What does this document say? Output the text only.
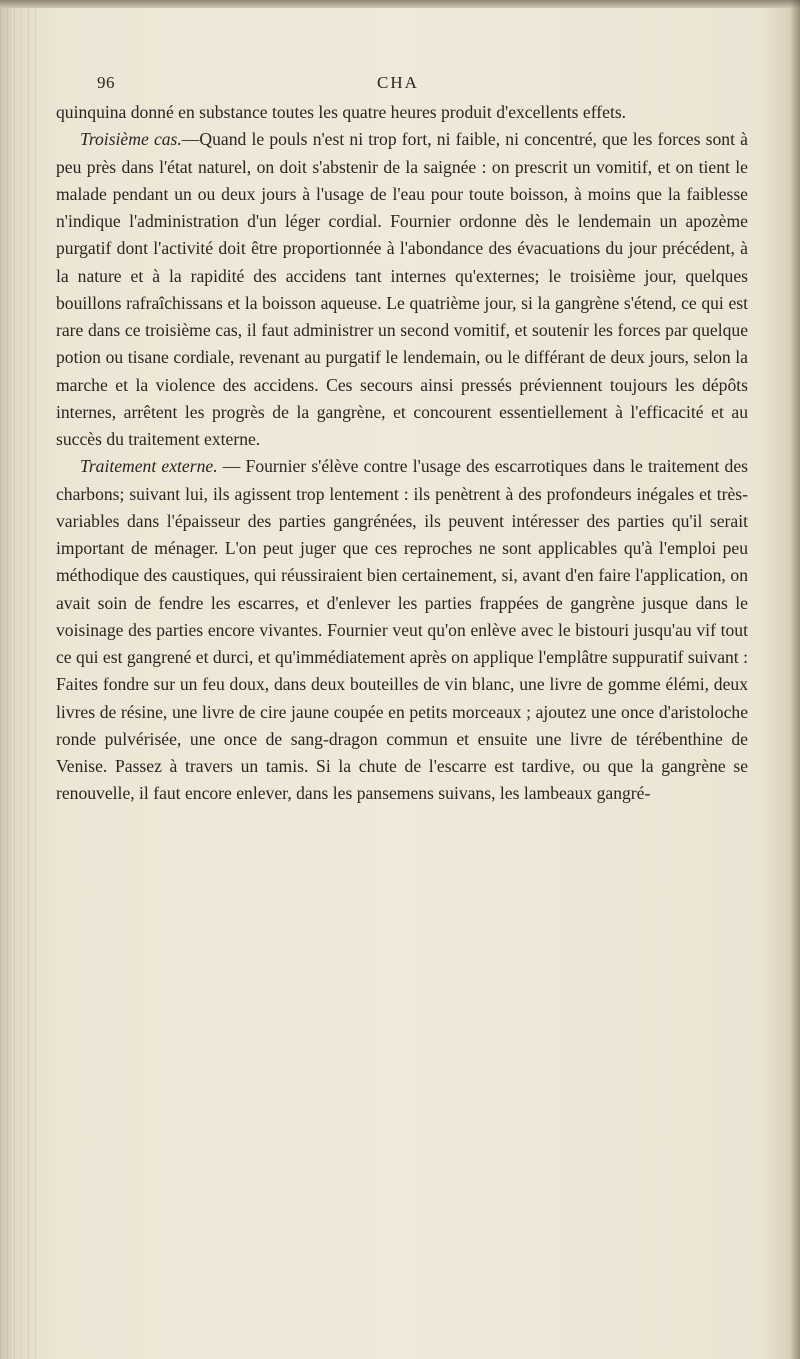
96	CHA

quinquina donné en substance toutes les quatre heures produit d'excellents effets.

Troisième cas.—Quand le pouls n'est ni trop fort, ni faible, ni concentré, que les forces sont à peu près dans l'état naturel, on doit s'abstenir de la saignée : on prescrit un vomitif, et on tient le malade pendant un ou deux jours à l'usage de l'eau pour toute boisson, à moins que la faiblesse n'indique l'administration d'un léger cordial. Fournier ordonne dès le lendemain un apozème purgatif dont l'activité doit être proportionnée à l'abondance des évacuations du jour précédent, à la nature et à la rapidité des accidens tant internes qu'externes; le troisième jour, quelques bouillons rafraîchissans et la boisson aqueuse. Le quatrième jour, si la gangrène s'étend, ce qui est rare dans ce troisième cas, il faut administrer un second vomitif, et soutenir les forces par quelque potion ou tisane cordiale, revenant au purgatif le lendemain, ou le différant de deux jours, selon la marche et la violence des accidens. Ces secours ainsi pressés préviennent toujours les dépôts internes, arrêtent les progrès de la gangrène, et concourent essentiellement à l'efficacité et au succès du traitement externe.

Traitement externe. — Fournier s'élève contre l'usage des escarrotiques dans le traitement des charbons; suivant lui, ils agissent trop lentement : ils penètrent à des profondeurs inégales et très-variables dans l'épaisseur des parties gangrénées, ils peuvent intéresser des parties qu'il serait important de ménager. L'on peut juger que ces reproches ne sont applicables qu'à l'emploi peu méthodique des caustiques, qui réussiraient bien certainement, si, avant d'en faire l'application, on avait soin de fendre les escarres, et d'enlever les parties frappées de gangrène jusque dans le voisinage des parties encore vivantes. Fournier veut qu'on enlève avec le bistouri jusqu'au vif tout ce qui est gangrené et durci, et qu'immédiatement après on applique l'emplâtre suppuratif suivant : Faites fondre sur un feu doux, dans deux bouteilles de vin blanc, une livre de gomme élémi, deux livres de résine, une livre de cire jaune coupée en petits morceaux ; ajoutez une once d'aristoloche ronde pulvérisée, une once de sang-dragon commun et ensuite une livre de térébenthine de Venise. Passez à travers un tamis. Si la chute de l'escarre est tardive, ou que la gangrène se renouvelle, il faut encore enlever, dans les pansemens suivans, les lambeaux gangré-
